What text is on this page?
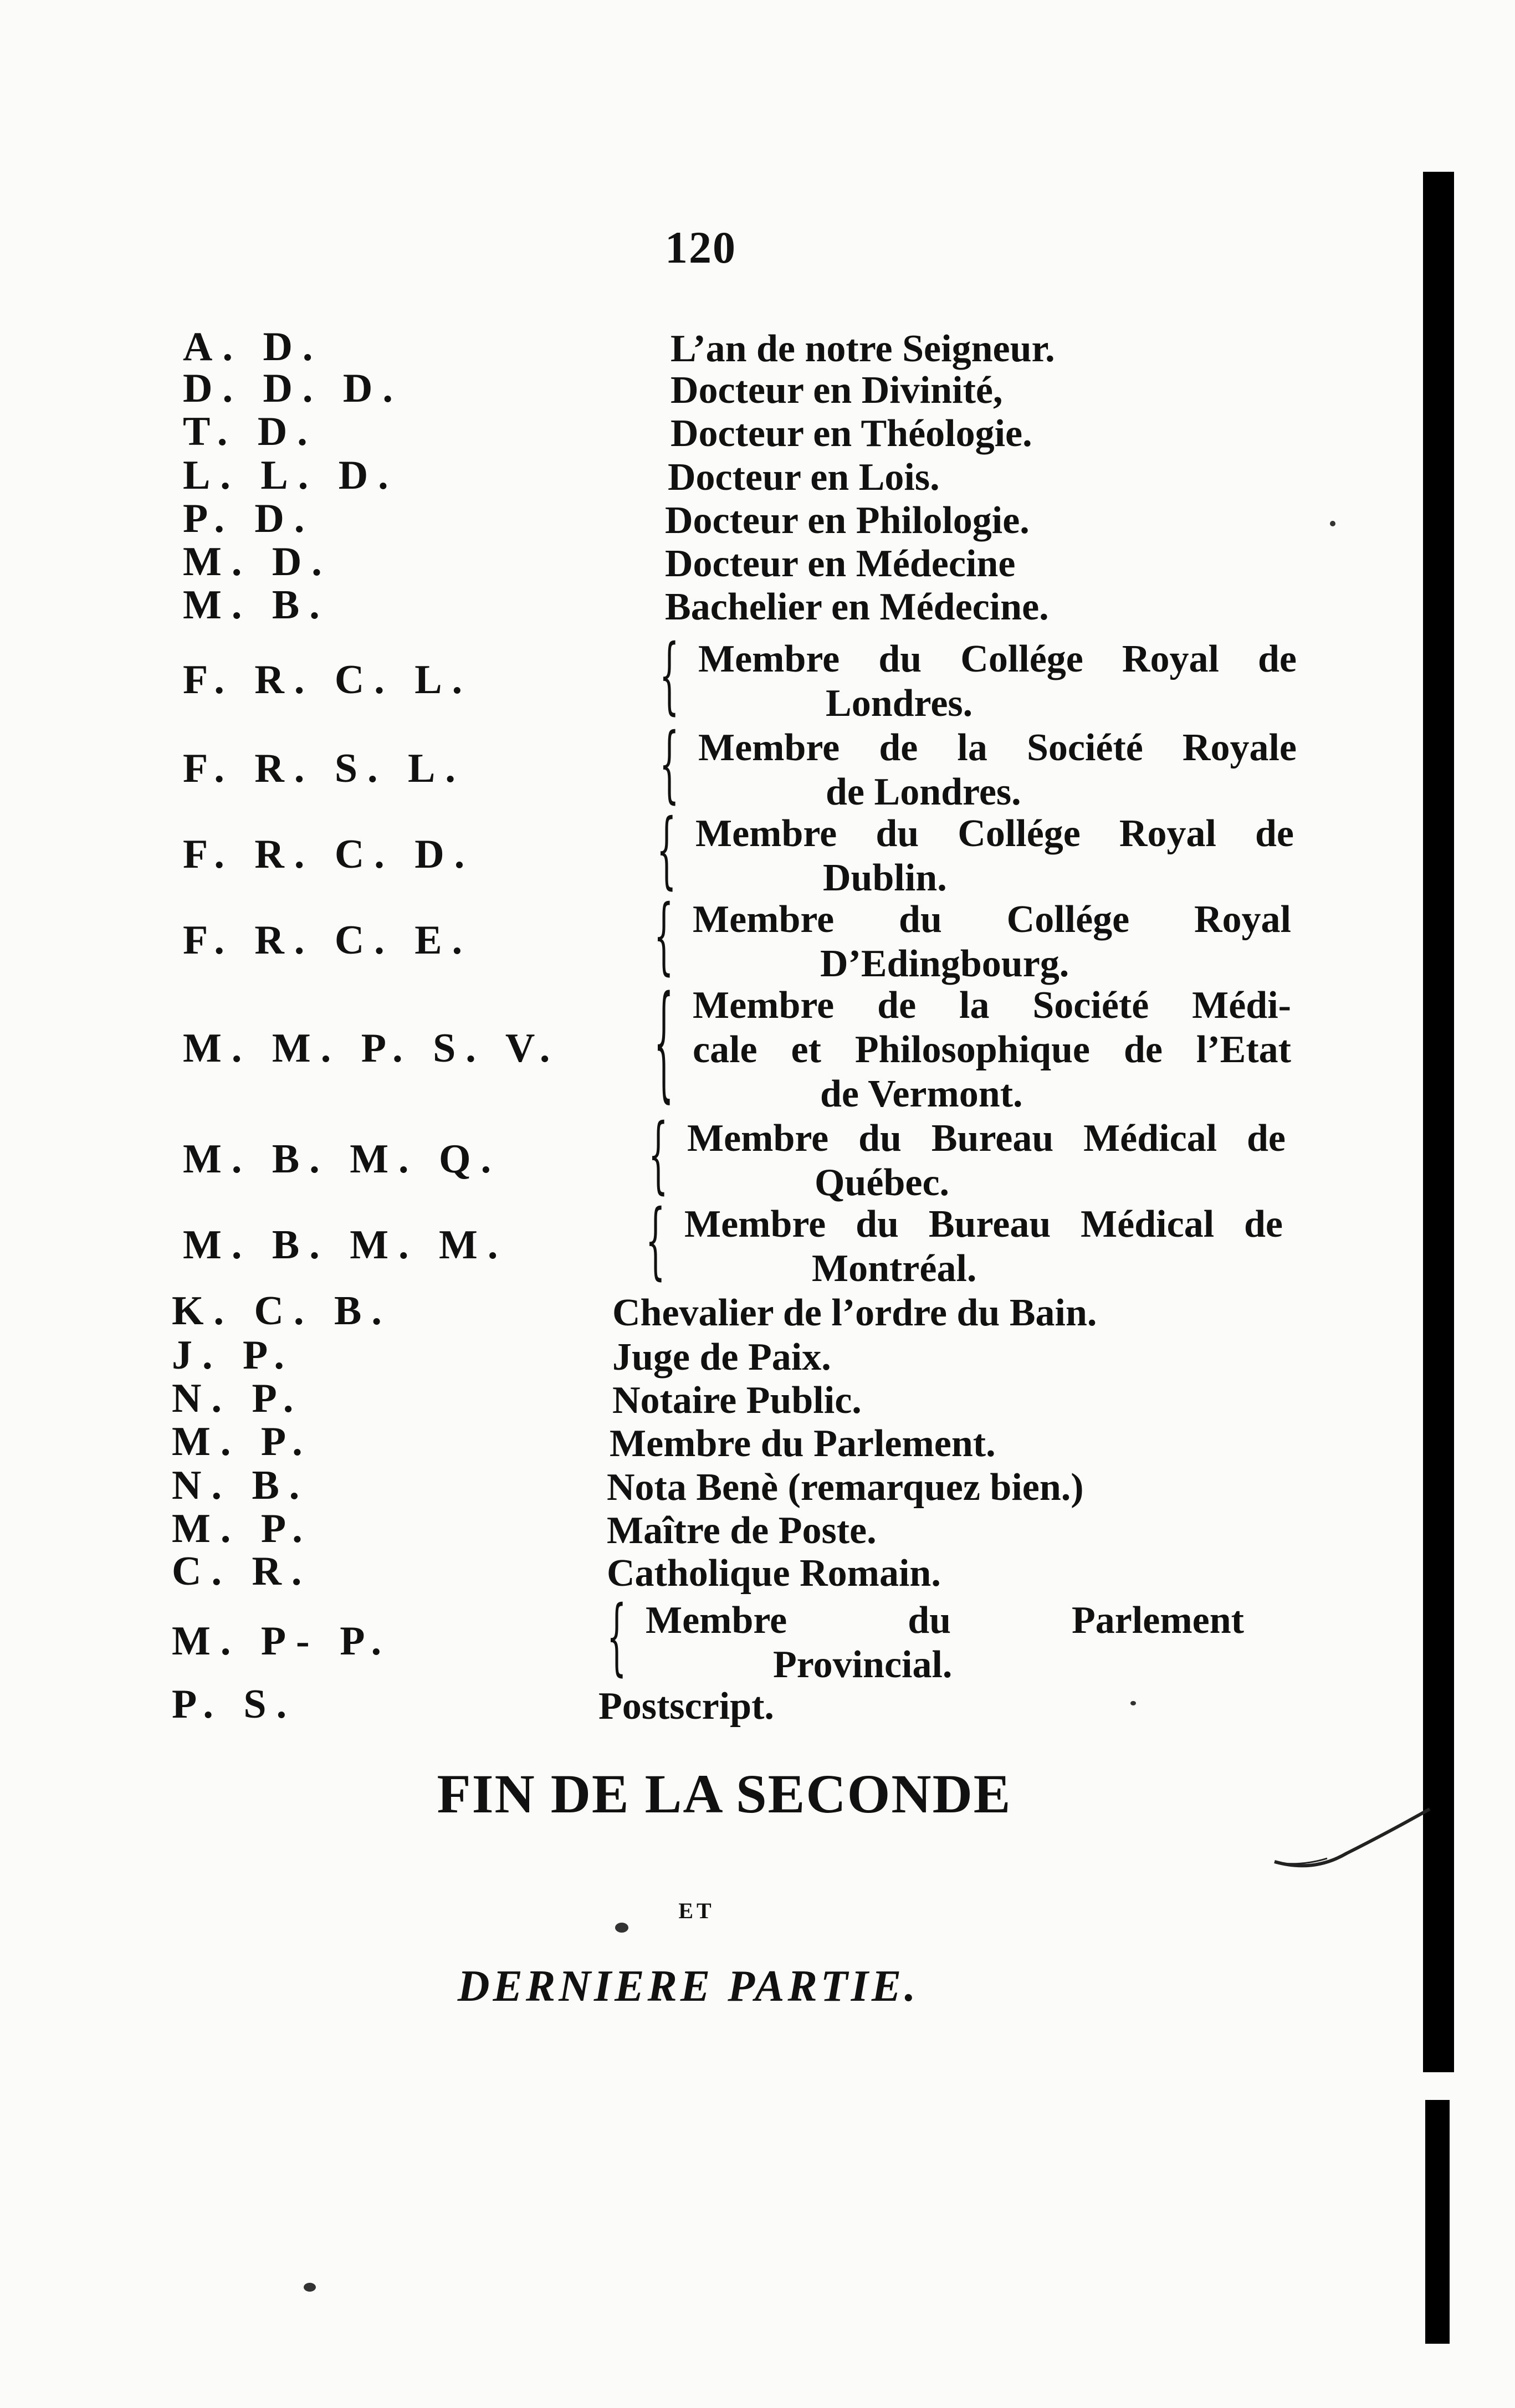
120
A. D.	L’an de notre Seigneur.
D. D. D.	Docteur en Divinité,
T. D.	Docteur en Théologie.
L. L. D.	Docteur en Lois.
P. D.	Docteur en Philologie.
M. D.	Docteur en Médecine
M. B.	Bachelier en Médecine.
F. R. C. L.	{ Membre du Collége Royal de
Londres.
F. R. S. L.	{ Membre de la Société Royale
de Londres.
F. R. C. D.	{ Membre du Collége Royal de
Dublin.
F. R. C. E.	{ Membre du Collége Royal
D’Edingbourg.
M. M. P. S. V. { Membre de la Société Médi-
cale et Philosophique de l’Etat
de Vermont.
M. B. M. Q.	{ Membre du Bureau Médical de
Québec.
M. B. M. M.	{ Membre du Bureau Médical de
Montréal.
K. C. B.	Chevalier de l’ordre du Bain.
J. P.	Juge de Paix.
N. P.	Notaire Public.
M. P.	Membre du Parlement.
N. B.	Nota Benè (remarquez bien.)
M. P.	Maître de Poste.
C. R.	Catholique Romain.
M. P- P.	{ Membre du Parlement
Provincial.
P. S.	Postscript.
FIN DE LA SECONDE
ET
DERNIERE PARTIE.
